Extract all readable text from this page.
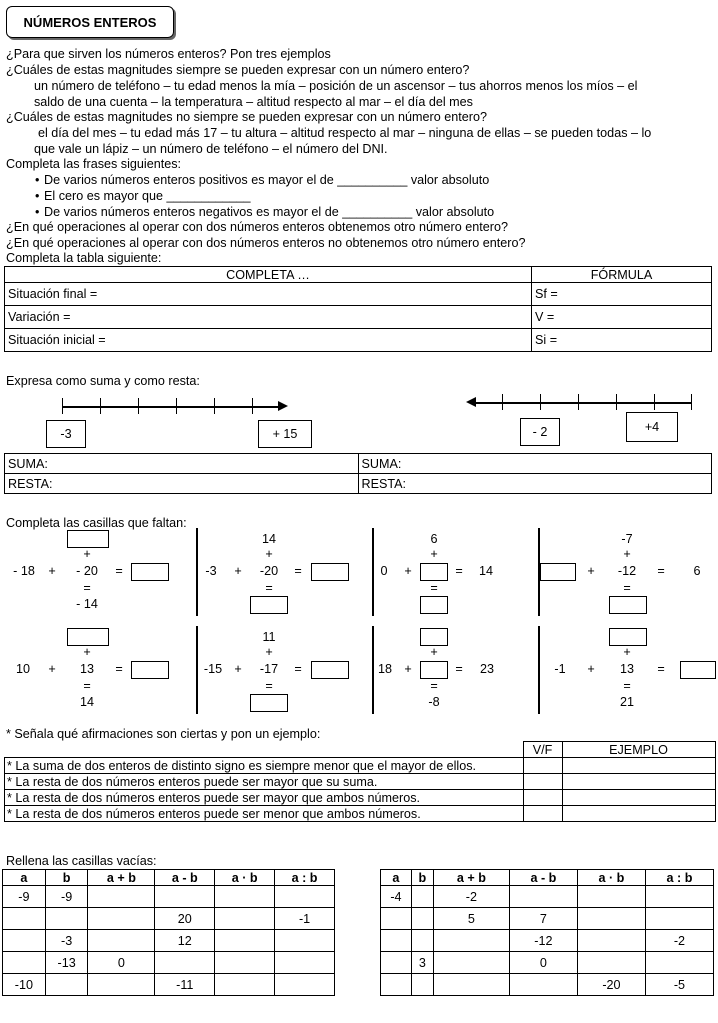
NÚMEROS ENTEROS
¿Para que sirven los números enteros? Pon tres ejemplos
¿Cuáles de estas magnitudes siempre se pueden expresar con un número entero?
un número de teléfono – tu edad menos la mía – posición de un ascensor – tus ahorros menos los míos – el
saldo de una cuenta – la temperatura – altitud respecto al mar – el día del mes
¿Cuáles de estas magnitudes no siempre se pueden expresar con un número entero?
el día del mes – tu edad más 17 – tu altura – altitud respecto al mar – ninguna de ellas – se pueden todas – lo
que vale un lápiz – un número de teléfono – el número del DNI.
Completa las frases siguientes:
• De varios números enteros positivos es mayor el de __________ valor absoluto
• El cero es mayor que ____________
• De varios números enteros negativos es mayor el de __________ valor absoluto
¿En qué operaciones al operar con dos números enteros obtenemos otro número entero?
¿En qué operaciones al operar con dos números enteros no obtenemos otro número entero?
Completa la tabla siguiente:
COMPLETA …	FÓRMULA
Situación final =	Sf =
Variación =	V =
Situación inicial =	Si =
Expresa como suma y como resta:
-3	+ 15	- 2	+4
SUMA:	SUMA:
RESTA:	RESTA:
Completa las casillas que faltan:
+
- 18	+	- 20	=
=
- 14
14
+
-3	+	-20	=
=
6
+
0 +	= 14
=
-7
+
+	-12	= 6
=
+
10	+	13	=
=
14
11
+
-15 +	-17	=
=
+
18 +	=	23
=
-8
+
-1	+	13	=
=
21
* Señala qué afirmaciones son ciertas y pon un ejemplo:
	V/F	EJEMPLO
* La suma de dos enteros de distinto signo es siempre menor que el mayor de ellos.		
* La resta de dos números enteros puede ser mayor que su suma.		
* La resta de dos números enteros puede ser mayor que ambos números.		
* La resta de dos números enteros puede ser menor que ambos números.		
Rellena las casillas vacías:
a	b	a + b	a - b	a · b	a : b
-9	-9				
			20		-1
	-3		12		
	-13	0			
-10			-11		
a	b	a + b	a - b	a · b	a : b
-4		-2			
		5	7		
			-12		-2
	3		0		
				-20	-5
